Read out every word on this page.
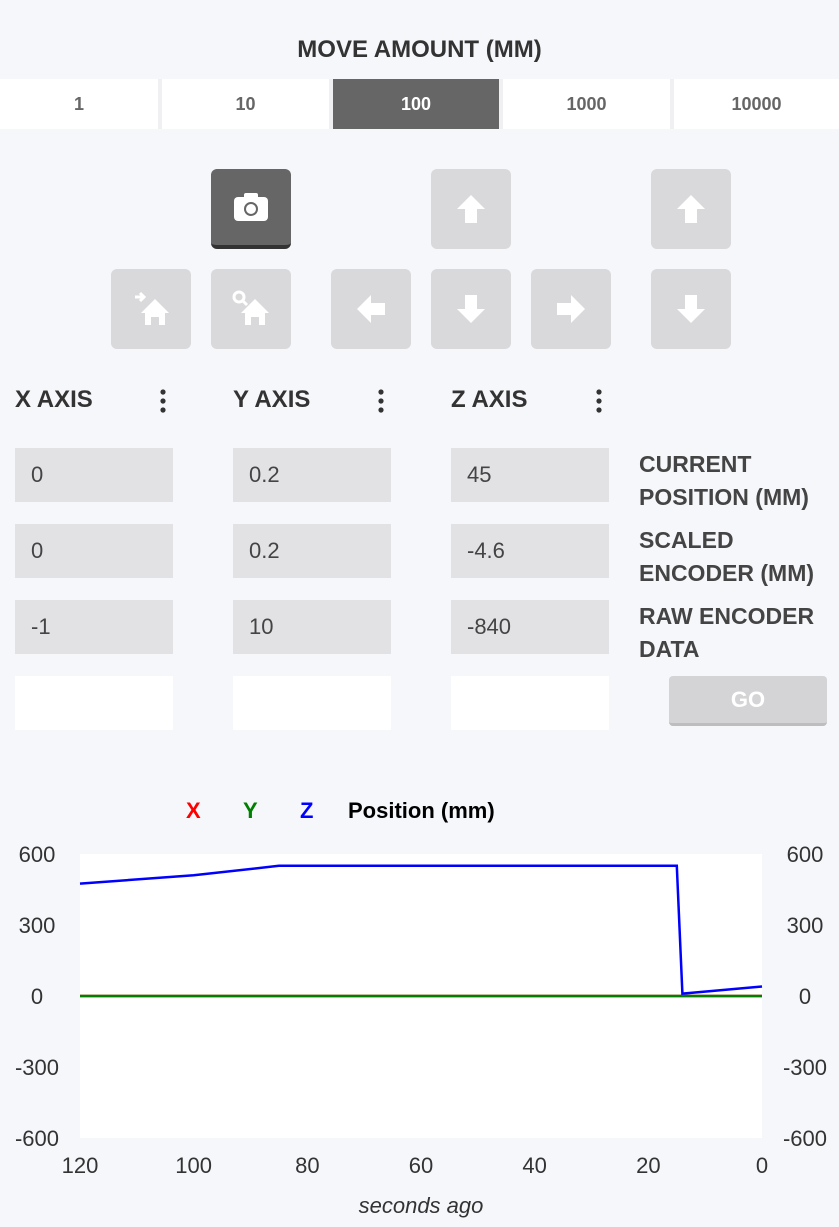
MOVE AMOUNT (MM)
1	10	100	1000	10000
X AXIS	Y AXIS	Z AXIS
0	0.2	45	CURRENT
POSITION (MM)
0	0.2	-4.6	SCALED
ENCODER (MM)
-1	10	-840	RAW ENCODER
DATA
GO
X Y Z Position (mm)
600
300
0
-300
-600
600
300
0
-300
-600
120	100	80	60	40	20	0
seconds ago
